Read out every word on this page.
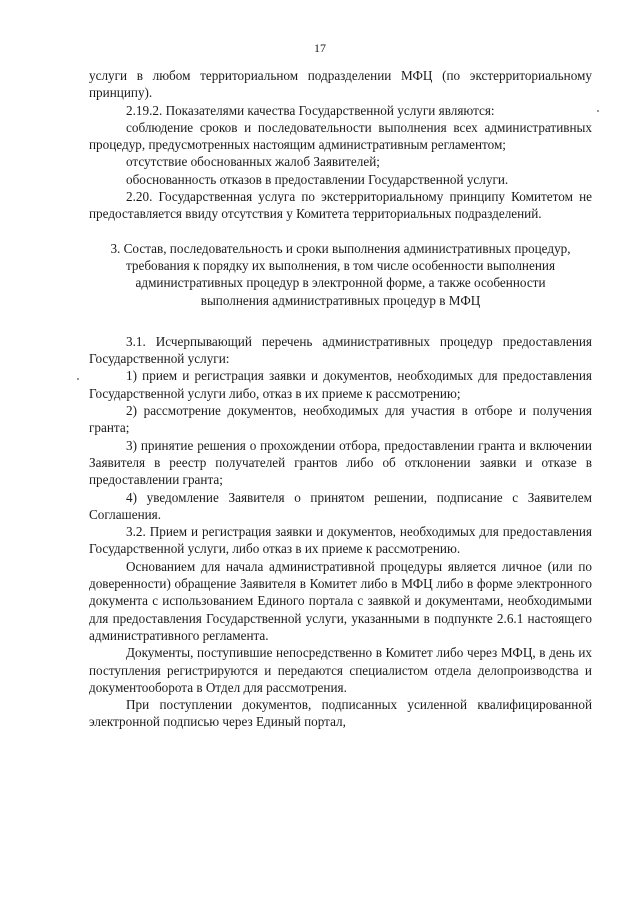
17

услуги в любом территориальном подразделении МФЦ (по экстерриториальному принципу).

2.19.2. Показателями качества Государственной услуги являются:

соблюдение сроков и последовательности выполнения всех административных процедур, предусмотренных настоящим административным регламентом;

отсутствие обоснованных жалоб Заявителей;

обоснованность отказов в предоставлении Государственной услуги.

2.20. Государственная услуга по экстерриториальному принципу Комитетом не предоставляется ввиду отсутствия у Комитета территориальных подразделений.

3. Состав, последовательность и сроки выполнения административных процедур, требования к порядку их выполнения, в том числе особенности выполнения административных процедур в электронной форме, а также особенности выполнения административных процедур в МФЦ

3.1. Исчерпывающий перечень административных процедур предоставления Государственной услуги:

1) прием и регистрация заявки и документов, необходимых для предоставления Государственной услуги либо, отказ в их приеме к рассмотрению;

2) рассмотрение документов, необходимых для участия в отборе и получения гранта;

3) принятие решения о прохождении отбора, предоставлении гранта и включении Заявителя в реестр получателей грантов либо об отклонении заявки и отказе в предоставлении гранта;

4) уведомление Заявителя о принятом решении, подписание с Заявителем Соглашения.

3.2. Прием и регистрация заявки и документов, необходимых для предоставления Государственной услуги, либо отказ в их приеме к рассмотрению.

Основанием для начала административной процедуры является личное (или по доверенности) обращение Заявителя в Комитет либо в МФЦ либо в форме электронного документа с использованием Единого портала с заявкой и документами, необходимыми для предоставления Государственной услуги, указанными в подпункте 2.6.1 настоящего административного регламента.

Документы, поступившие непосредственно в Комитет либо через МФЦ, в день их поступления регистрируются и передаются специалистом отдела делопроизводства и документооборота в Отдел для рассмотрения.

При поступлении документов, подписанных усиленной квалифицированной электронной подписью через Единый портал,
